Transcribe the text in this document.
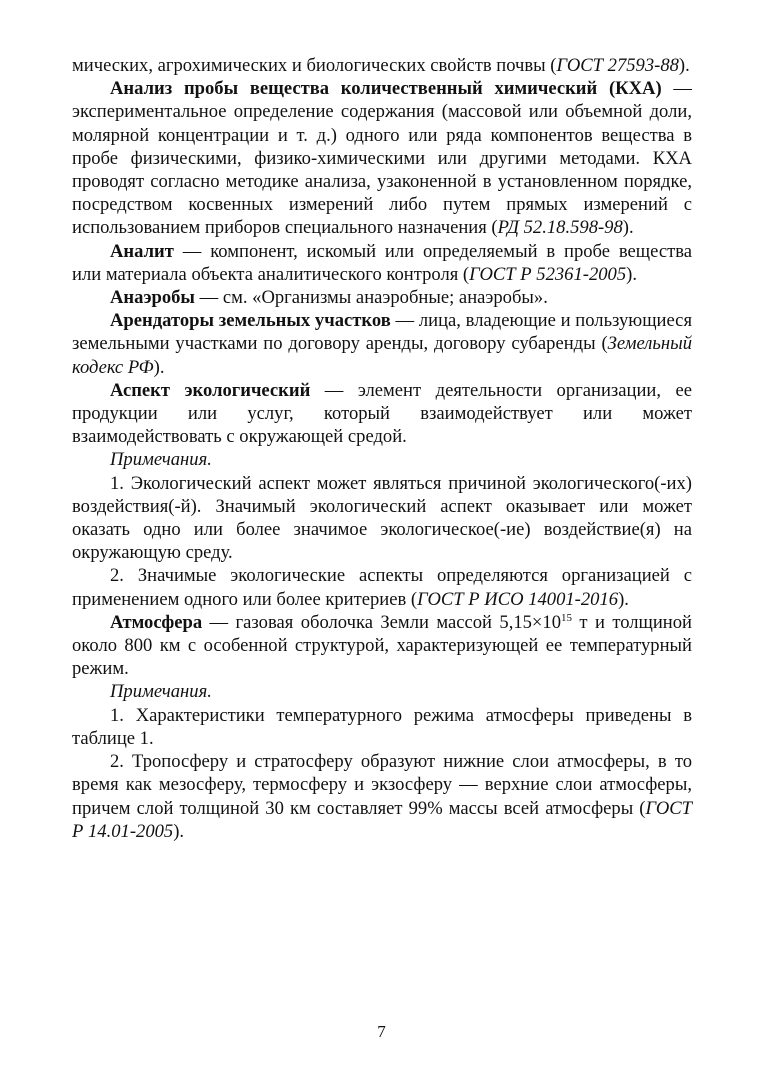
мических, агрохимических и биологических свойств почвы (ГОСТ 27593-88).

Анализ пробы вещества количественный химический (КХА) — экспериментальное определение содержания (массовой или объемной доли, молярной концентрации и т. д.) одного или ряда компонентов вещества в пробе физическими, физико-химическими или другими методами. КХА проводят согласно методике анализа, узаконенной в установленном порядке, посредством косвенных измерений либо путем прямых измерений с использованием приборов специального назначения (РД 52.18.598-98).

Аналит — компонент, искомый или определяемый в пробе вещества или материала объекта аналитического контроля (ГОСТ Р 52361-2005).

Анаэробы — см. «Организмы анаэробные; анаэробы».

Арендаторы земельных участков — лица, владеющие и пользующиеся земельными участками по договору аренды, договору субаренды (Земельный кодекс РФ).

Аспект экологический — элемент деятельности организации, ее продукции или услуг, который взаимодействует или может взаимодействовать с окружающей средой.

Примечания.

1. Экологический аспект может являться причиной экологического(-их) воздействия(-й). Значимый экологический аспект оказывает или может оказать одно или более значимое экологическое(-ие) воздействие(я) на окружающую среду.

2. Значимые экологические аспекты определяются организацией с применением одного или более критериев (ГОСТ Р ИСО 14001-2016).

Атмосфера — газовая оболочка Земли массой $5,15\times 10^{15}$ т и толщиной около 800 км с особенной структурой, характеризующей ее температурный режим.

Примечания.

1. Характеристики температурного режима атмосферы приведены в таблице 1.

2. Тропосферу и стратосферу образуют нижние слои атмосферы, в то время как мезосферу, термосферу и экзосферу — верхние слои атмосферы, причем слой толщиной 30 км составляет 99% массы всей атмосферы (ГОСТ Р 14.01-2005).

7
